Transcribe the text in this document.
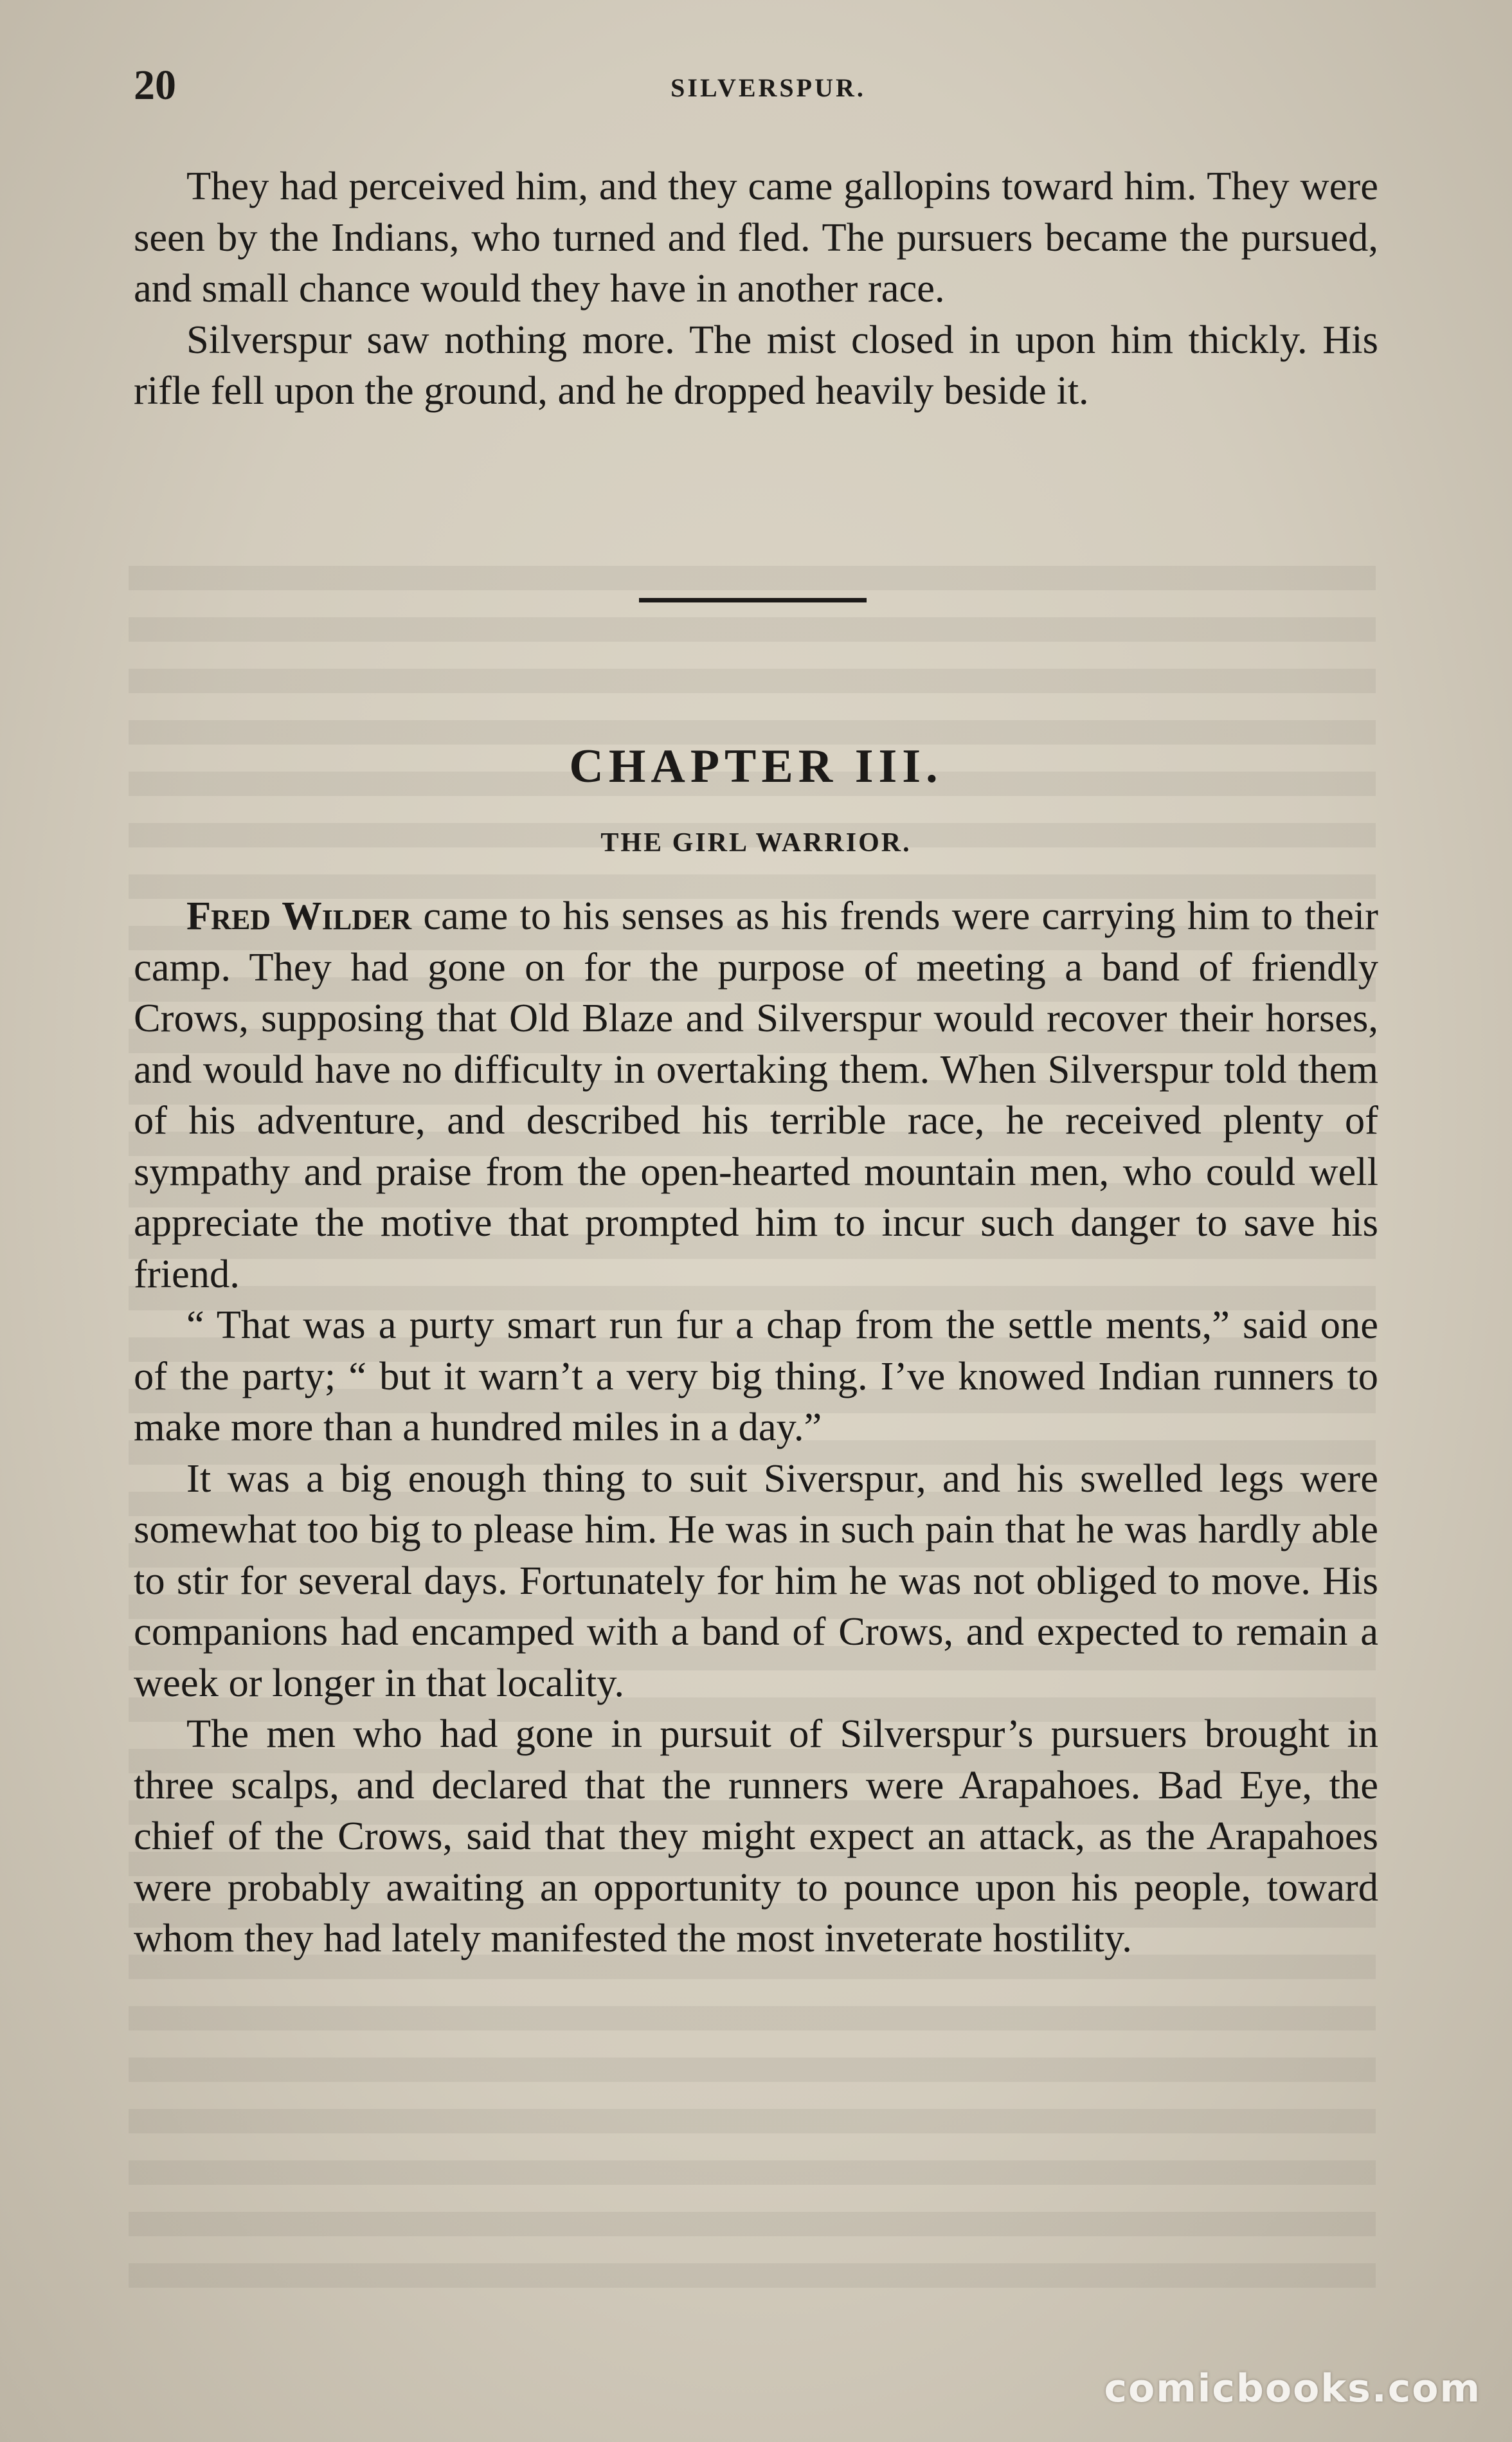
20	SILVERSPUR.

They had perceived him, and they came gallopins toward him. They were seen by the Indians, who turned and fled. The pursuers became the pursued, and small chance would they have in another race.

Silverspur saw nothing more. The mist closed in upon him thickly. His rifle fell upon the ground, and he dropped heavily beside it.

CHAPTER III.
THE GIRL WARRIOR.

Fred Wilder came to his senses as his frends were carrying him to their camp. They had gone on for the purpose of meeting a band of friendly Crows, supposing that Old Blaze and Silverspur would recover their horses, and would have no difficulty in overtaking them. When Silverspur told them of his adventure, and described his terrible race, he received plenty of sympathy and praise from the open-hearted mountain men, who could well appreciate the motive that prompted him to incur such danger to save his friend.

“ That was a purty smart run fur a chap from the settle ments,” said one of the party; “ but it warn’t a very big thing. I’ve knowed Indian runners to make more than a hundred miles in a day.”

It was a big enough thing to suit Siverspur, and his swelled legs were somewhat too big to please him. He was in such pain that he was hardly able to stir for several days. Fortunately for him he was not obliged to move. His companions had encamped with a band of Crows, and expected to remain a week or longer in that locality.

The men who had gone in pursuit of Silverspur’s pursuers brought in three scalps, and declared that the runners were Arapahoes. Bad Eye, the chief of the Crows, said that they might expect an attack, as the Arapahoes were probably awaiting an opportunity to pounce upon his people, toward whom they had lately manifested the most inveterate hostility.

comicbooks.com
